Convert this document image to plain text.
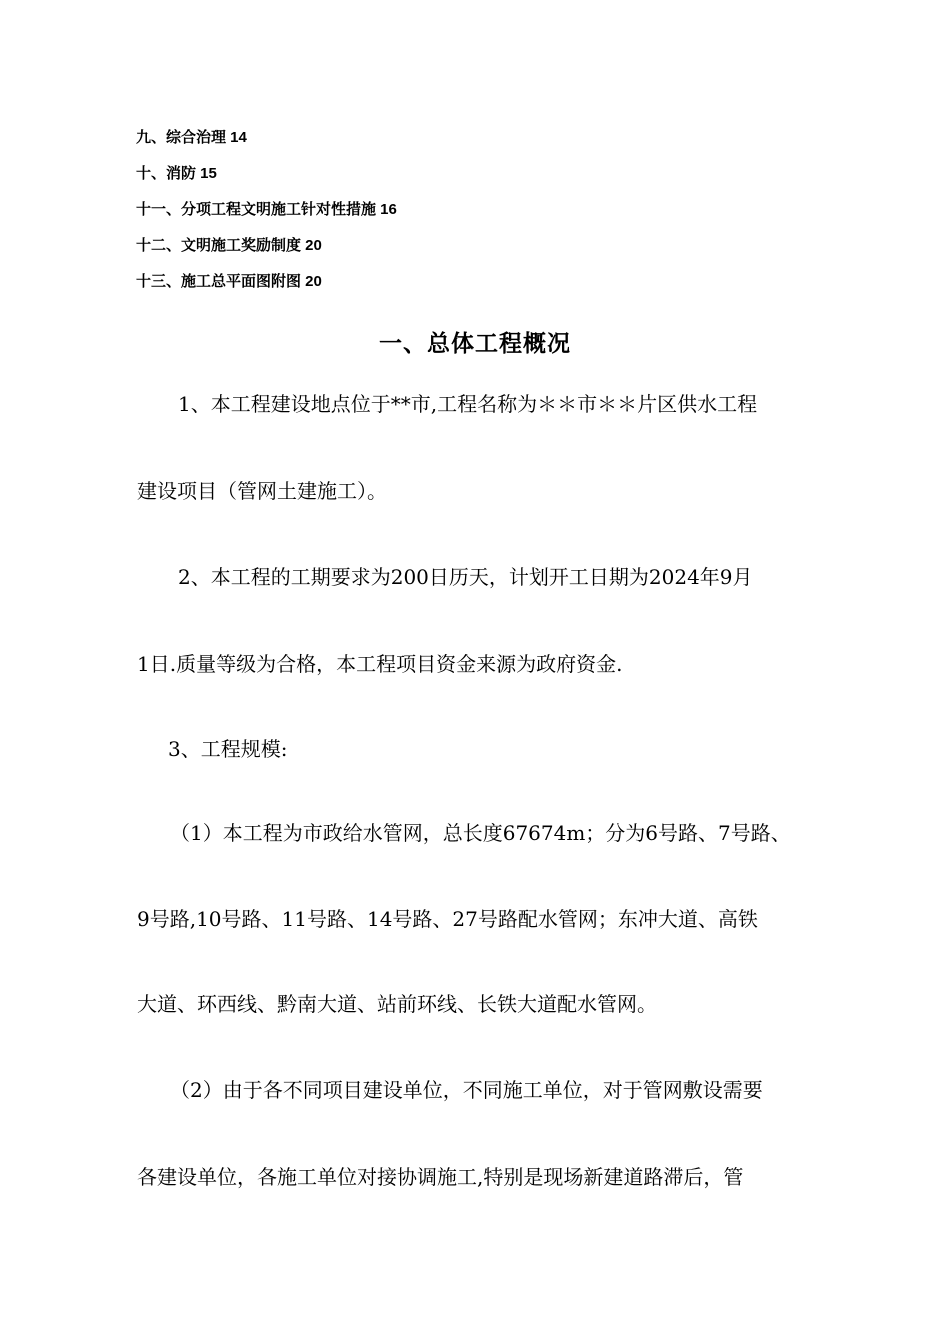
九、综合治理 14
十、消防 15
十一、分项工程文明施工针对性措施 16
十二、文明施工奖励制度 20
十三、施工总平面图附图 20
一、总体工程概况
1、本工程建设地点位于**市,工程名称为＊＊市＊＊片区供水工程
建设项目（管网土建施工）。
2、本工程的工期要求为200日历天，计划开工日期为2024年9月
1日.质量等级为合格，本工程项目资金来源为政府资金.
3、工程规模:
（1）本工程为市政给水管网，总长度67674m；分为6号路、7号路、
9号路,10号路、11号路、14号路、27号路配水管网；东冲大道、高铁
大道、环西线、黔南大道、站前环线、长铁大道配水管网。
（2）由于各不同项目建设单位，不同施工单位，对于管网敷设需要
各建设单位，各施工单位对接协调施工,特别是现场新建道路滞后，管
